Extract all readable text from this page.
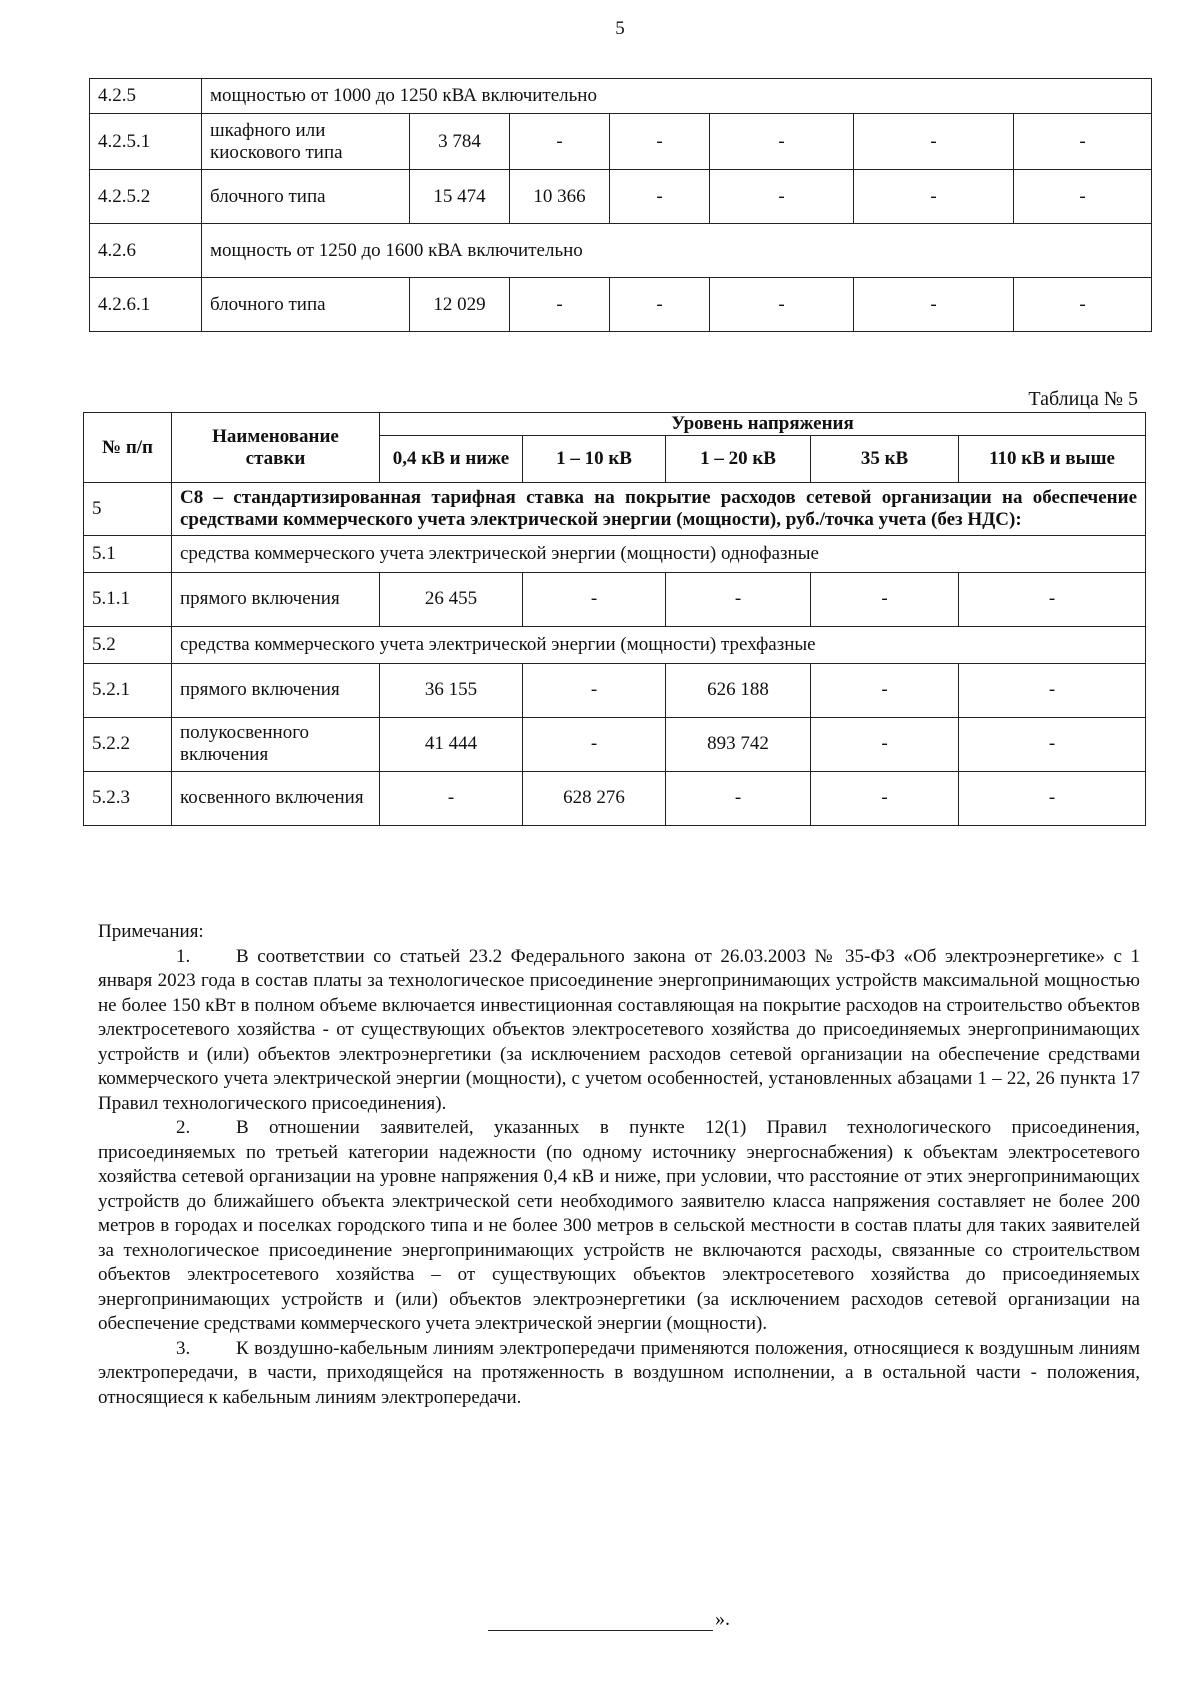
5
4.2.5	мощностью от 1000 до 1250 кВА включительно						
4.2.5.1	шкафного или киоскового типа	3 784	-	-	-	-	-
4.2.5.2	блочного типа	15 474	10 366	-	-	-	-
4.2.6	мощность от 1250 до 1600 кВА включительно						
4.2.6.1	блочного типа	12 029	-	-	-	-	-
Таблица № 5
№ п/п	Наименование ставки	Уровень напряжения				
		0,4 кВ и ниже	1 – 10 кВ	1 – 20 кВ	35 кВ	110 кВ и выше
5	С8 – стандартизированная тарифная ставка на покрытие расходов сетевой организации на обеспечение средствами коммерческого учета электрической энергии (мощности), руб./точка учета (без НДС):					
5.1	средства коммерческого учета электрической энергии (мощности) однофазные					
5.1.1	прямого включения	26 455	-	-	-	-
5.2	средства коммерческого учета электрической энергии (мощности) трехфазные					
5.2.1	прямого включения	36 155	-	626 188	-	-
5.2.2	полукосвенного включения	41 444	-	893 742	-	-
5.2.3	косвенного включения	-	628 276	-	-	-

Примечания:

1. В соответствии со статьей 23.2 Федерального закона от 26.03.2003 № 35-ФЗ «Об электроэнергетике» с 1 января 2023 года в состав платы за технологическое присоединение энергопринимающих устройств максимальной мощностью не более 150 кВт в полном объеме включается инвестиционная составляющая на покрытие расходов на строительство объектов электросетевого хозяйства - от существующих объектов электросетевого хозяйства до присоединяемых энергопринимающих устройств и (или) объектов электроэнергетики (за исключением расходов сетевой организации на обеспечение средствами коммерческого учета электрической энергии (мощности), с учетом особенностей, установленных абзацами 1 – 22, 26 пункта 17 Правил технологического присоединения).

2. В отношении заявителей, указанных в пункте 12(1) Правил технологического присоединения, присоединяемых по третьей категории надежности (по одному источнику энергоснабжения) к объектам электросетевого хозяйства сетевой организации на уровне напряжения 0,4 кВ и ниже, при условии, что расстояние от этих энергопринимающих устройств до ближайшего объекта электрической сети необходимого заявителю класса напряжения составляет не более 200 метров в городах и поселках городского типа и не более 300 метров в сельской местности в состав платы для таких заявителей за технологическое присоединение энергопринимающих устройств не включаются расходы, связанные со строительством объектов электросетевого хозяйства – от существующих объектов электросетевого хозяйства до присоединяемых энергопринимающих устройств и (или) объектов электроэнергетики (за исключением расходов сетевой организации на обеспечение средствами коммерческого учета электрической энергии (мощности).

3. К воздушно-кабельным линиям электропередачи применяются положения, относящиеся к воздушным линиям электропередачи, в части, приходящейся на протяженность в воздушном исполнении, а в остальной части - положения, относящиеся к кабельным линиям электропередачи.

».
